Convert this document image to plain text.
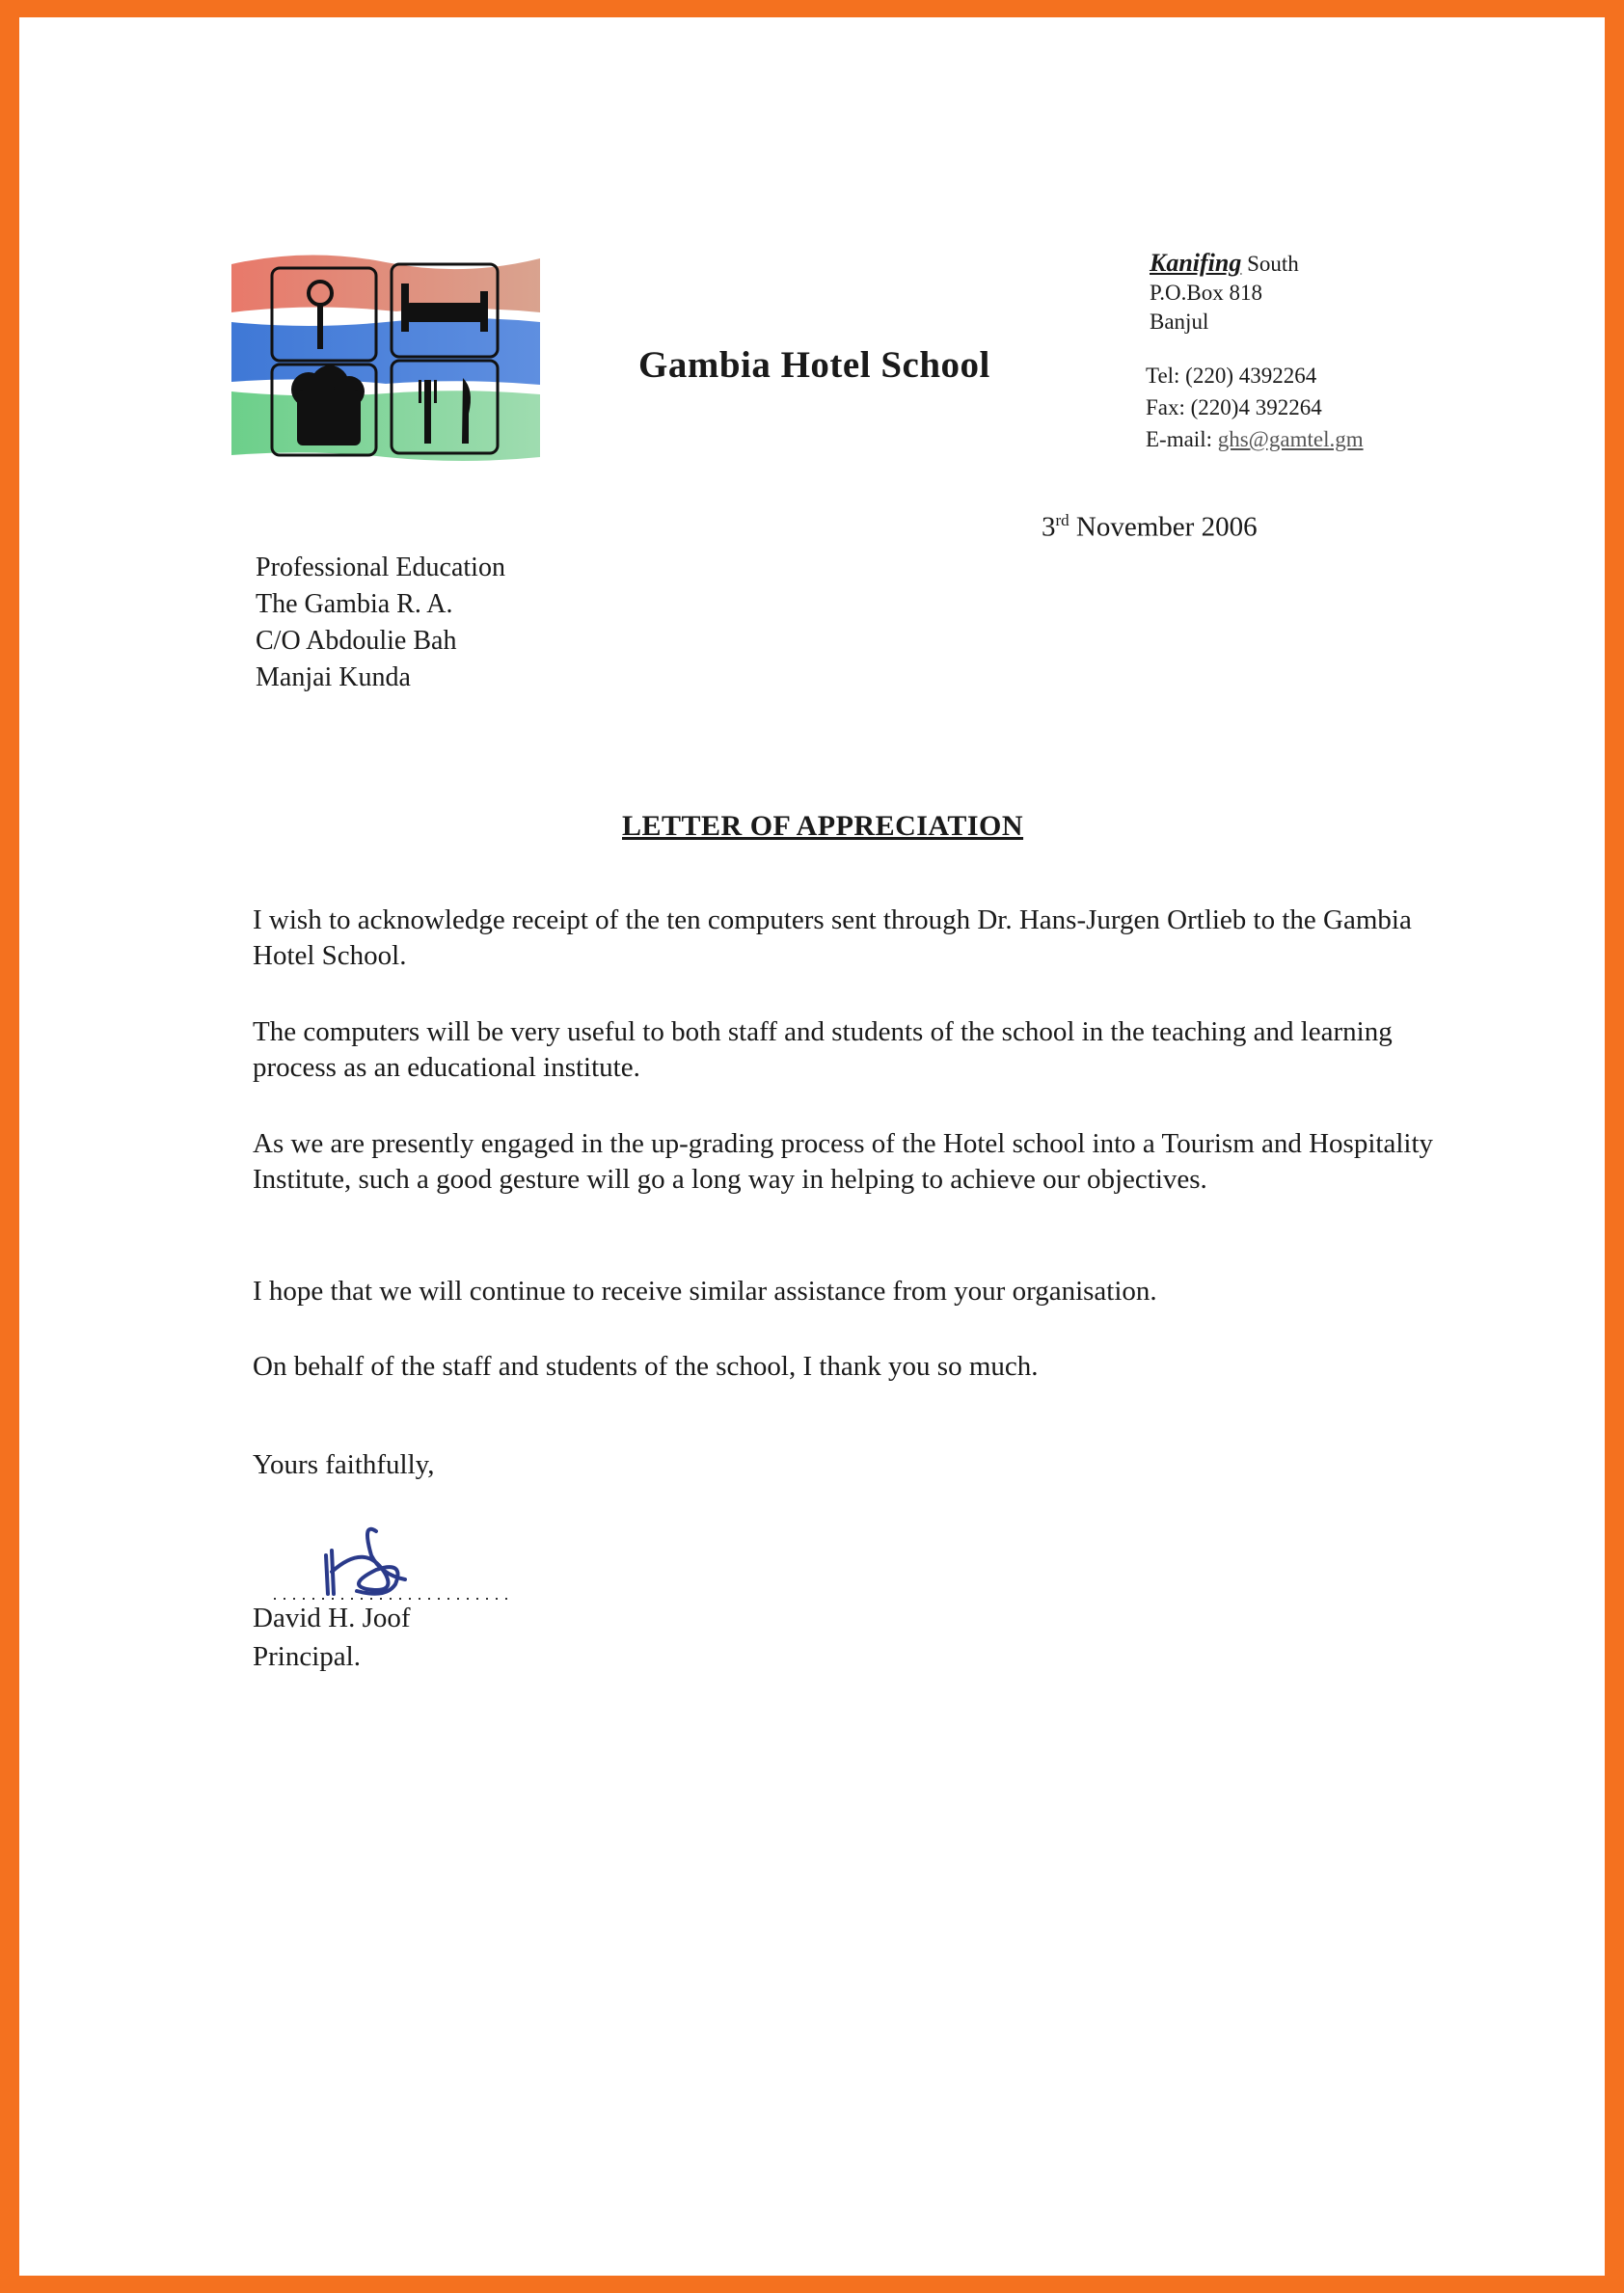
Gambia Hotel School
Kanifing South
P.O.Box 818
Banjul
Tel: (220) 4392264
Fax: (220)4 392264
E-mail: ghs@gamtel.gm
3rd November 2006
Professional Education
The Gambia R. A.
C/O Abdoulie Bah
Manjai Kunda
LETTER OF APPRECIATION

I wish to acknowledge receipt of the ten computers sent through Dr. Hans-Jurgen Ortlieb to the Gambia Hotel School.

The computers will be very useful to both staff and students of the school in the teaching and learning process as an educational institute.

As we are presently engaged in the up-grading process of the Hotel school into a Tourism and Hospitality Institute, such a good gesture will go a long way in helping to achieve our objectives.

I hope that we will continue to receive similar assistance from your organisation.

On behalf of the staff and students of the school, I thank you so much.

Yours faithfully,
David H. Joof
Principal.
